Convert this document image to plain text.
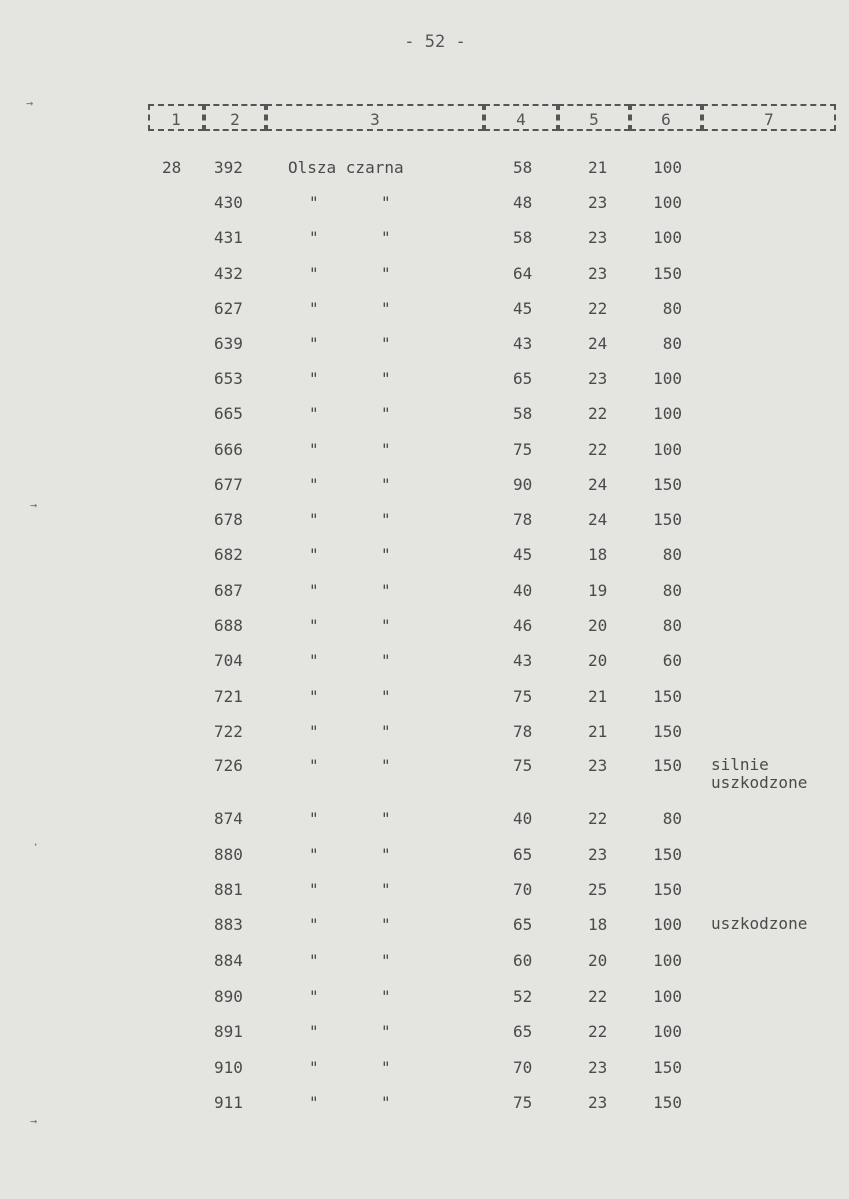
- 52 -
→
→
·
→
1	2	3	4	5	6	7
28 392	Olsza czarna	58	21	100
430	"	"	48	23	100
431	"	"	58	23	100
432	"	"	64	23	150
627	"	"	45	22	80
639	"	"	43	24	80
653	"	"	65	23	100
665	"	"	58	22	100
666	"	"	75	22	100
677	"	"	90	24	150
678	"	"	78	24	150
682	"	"	45	18	80
687	"	"	40	19	80
688	"	"	46	20	80
704	"	"	43	20	60
721	"	"	75	21	150
722	"	"	78	21	150
726	"	"	75	23	150 silnie
uszkodzone
874	"	"	40	22	80
880	"	"	65	23	150
881	"	"	70	25	150
883	"	"	65	18	100 uszkodzone
884	"	"	60	20	100
890	"	"	52	22	100
891	"	"	65	22	100
910	"	"	70	23	150
911	"	"	75	23	150
